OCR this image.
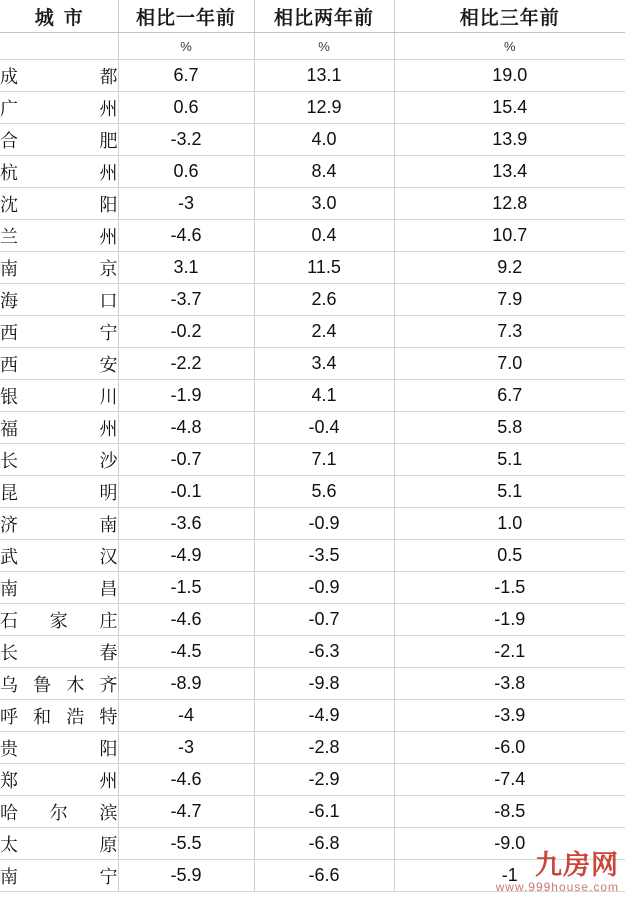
城市	相比一年前	相比两年前	相比三年前
	%	%	%

成都	6.7	13.1	19.0

广州	0.6	12.9	15.4

合肥	-3.2	4.0	13.9

杭州	0.6	8.4	13.4

沈阳	-3	3.0	12.8

兰州	-4.6	0.4	10.7

南京	3.1	11.5	9.2

海口	-3.7	2.6	7.9

西宁	-0.2	2.4	7.3

西安	-2.2	3.4	7.0

银川	-1.9	4.1	6.7

福州	-4.8	-0.4	5.8

长沙	-0.7	7.1	5.1

昆明	-0.1	5.6	5.1

济南	-3.6	-0.9	1.0

武汉	-4.9	-3.5	0.5

南昌	-1.5	-0.9	-1.5

石家庄	-4.6	-0.7	-1.9

长春	-4.5	-6.3	-2.1

乌鲁木齐	-8.9	-9.8	-3.8

呼和浩特	-4	-4.9	-3.9

贵阳	-3	-2.8	-6.0

郑州	-4.6	-2.9	-7.4

哈尔滨	-4.7	-6.1	-8.5

太原	-5.5	-6.8	-9.0

南宁	-5.9	-6.6	-1 九房网
www.999house.com
